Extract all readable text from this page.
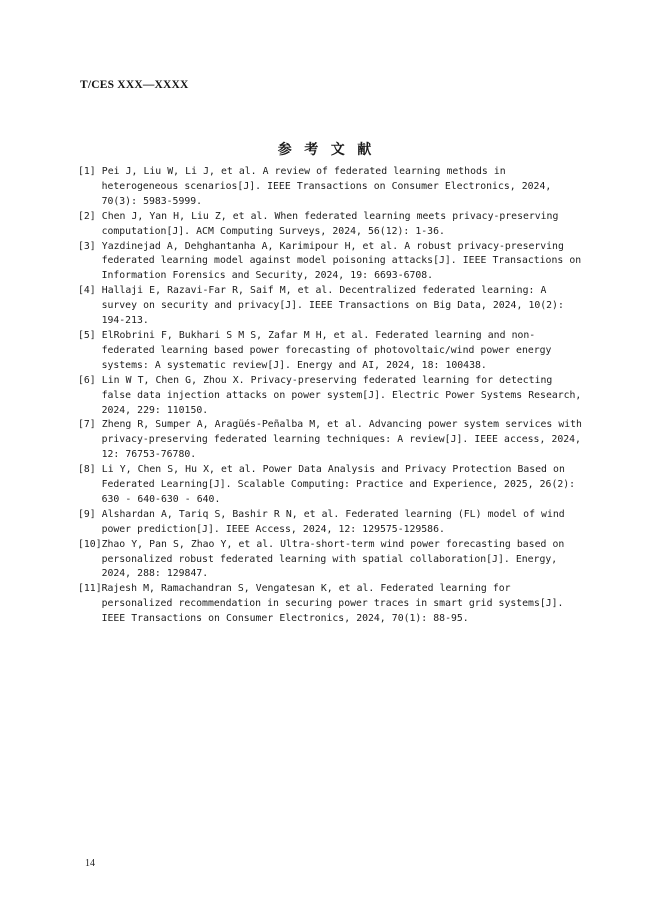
T/CES XXX—XXXX
参 考 文 献

[1] Pei J, Liu W, Li J, et al. A review of federated learning methods in heterogeneous scenarios[J]. IEEE Transactions on Consumer Electronics, 2024, 70(3): 5983-5999.

[2] Chen J, Yan H, Liu Z, et al. When federated learning meets privacy-preserving computation[J]. ACM Computing Surveys, 2024, 56(12): 1-36.

[3] Yazdinejad A, Dehghantanha A, Karimipour H, et al. A robust privacy-preserving federated learning model against model poisoning attacks[J]. IEEE Transactions on Information Forensics and Security, 2024, 19: 6693-6708.

[4] Hallaji E, Razavi-Far R, Saif M, et al. Decentralized federated learning: A survey on security and privacy[J]. IEEE Transactions on Big Data, 2024, 10(2): 194-213.

[5] ElRobrini F, Bukhari S M S, Zafar M H, et al. Federated learning and non-federated learning based power forecasting of photovoltaic/wind power energy systems: A systematic review[J]. Energy and AI, 2024, 18: 100438.

[6] Lin W T, Chen G, Zhou X. Privacy-preserving federated learning for detecting false data injection attacks on power system[J]. Electric Power Systems Research, 2024, 229: 110150.

[7] Zheng R, Sumper A, Aragüés-Peñalba M, et al. Advancing power system services with privacy-preserving federated learning techniques: A review[J]. IEEE access, 2024, 12: 76753-76780.

[8] Li Y, Chen S, Hu X, et al. Power Data Analysis and Privacy Protection Based on Federated Learning[J]. Scalable Computing: Practice and Experience, 2025, 26(2): 630 - 640-630 - 640.

[9] Alshardan A, Tariq S, Bashir R N, et al. Federated learning (FL) model of wind power prediction[J]. IEEE Access, 2024, 12: 129575-129586.

[10]Zhao Y, Pan S, Zhao Y, et al. Ultra-short-term wind power forecasting based on personalized robust federated learning with spatial collaboration[J]. Energy, 2024, 288: 129847.

[11]Rajesh M, Ramachandran S, Vengatesan K, et al. Federated learning for personalized recommendation in securing power traces in smart grid systems[J]. IEEE Transactions on Consumer Electronics, 2024, 70(1): 88-95.

14
